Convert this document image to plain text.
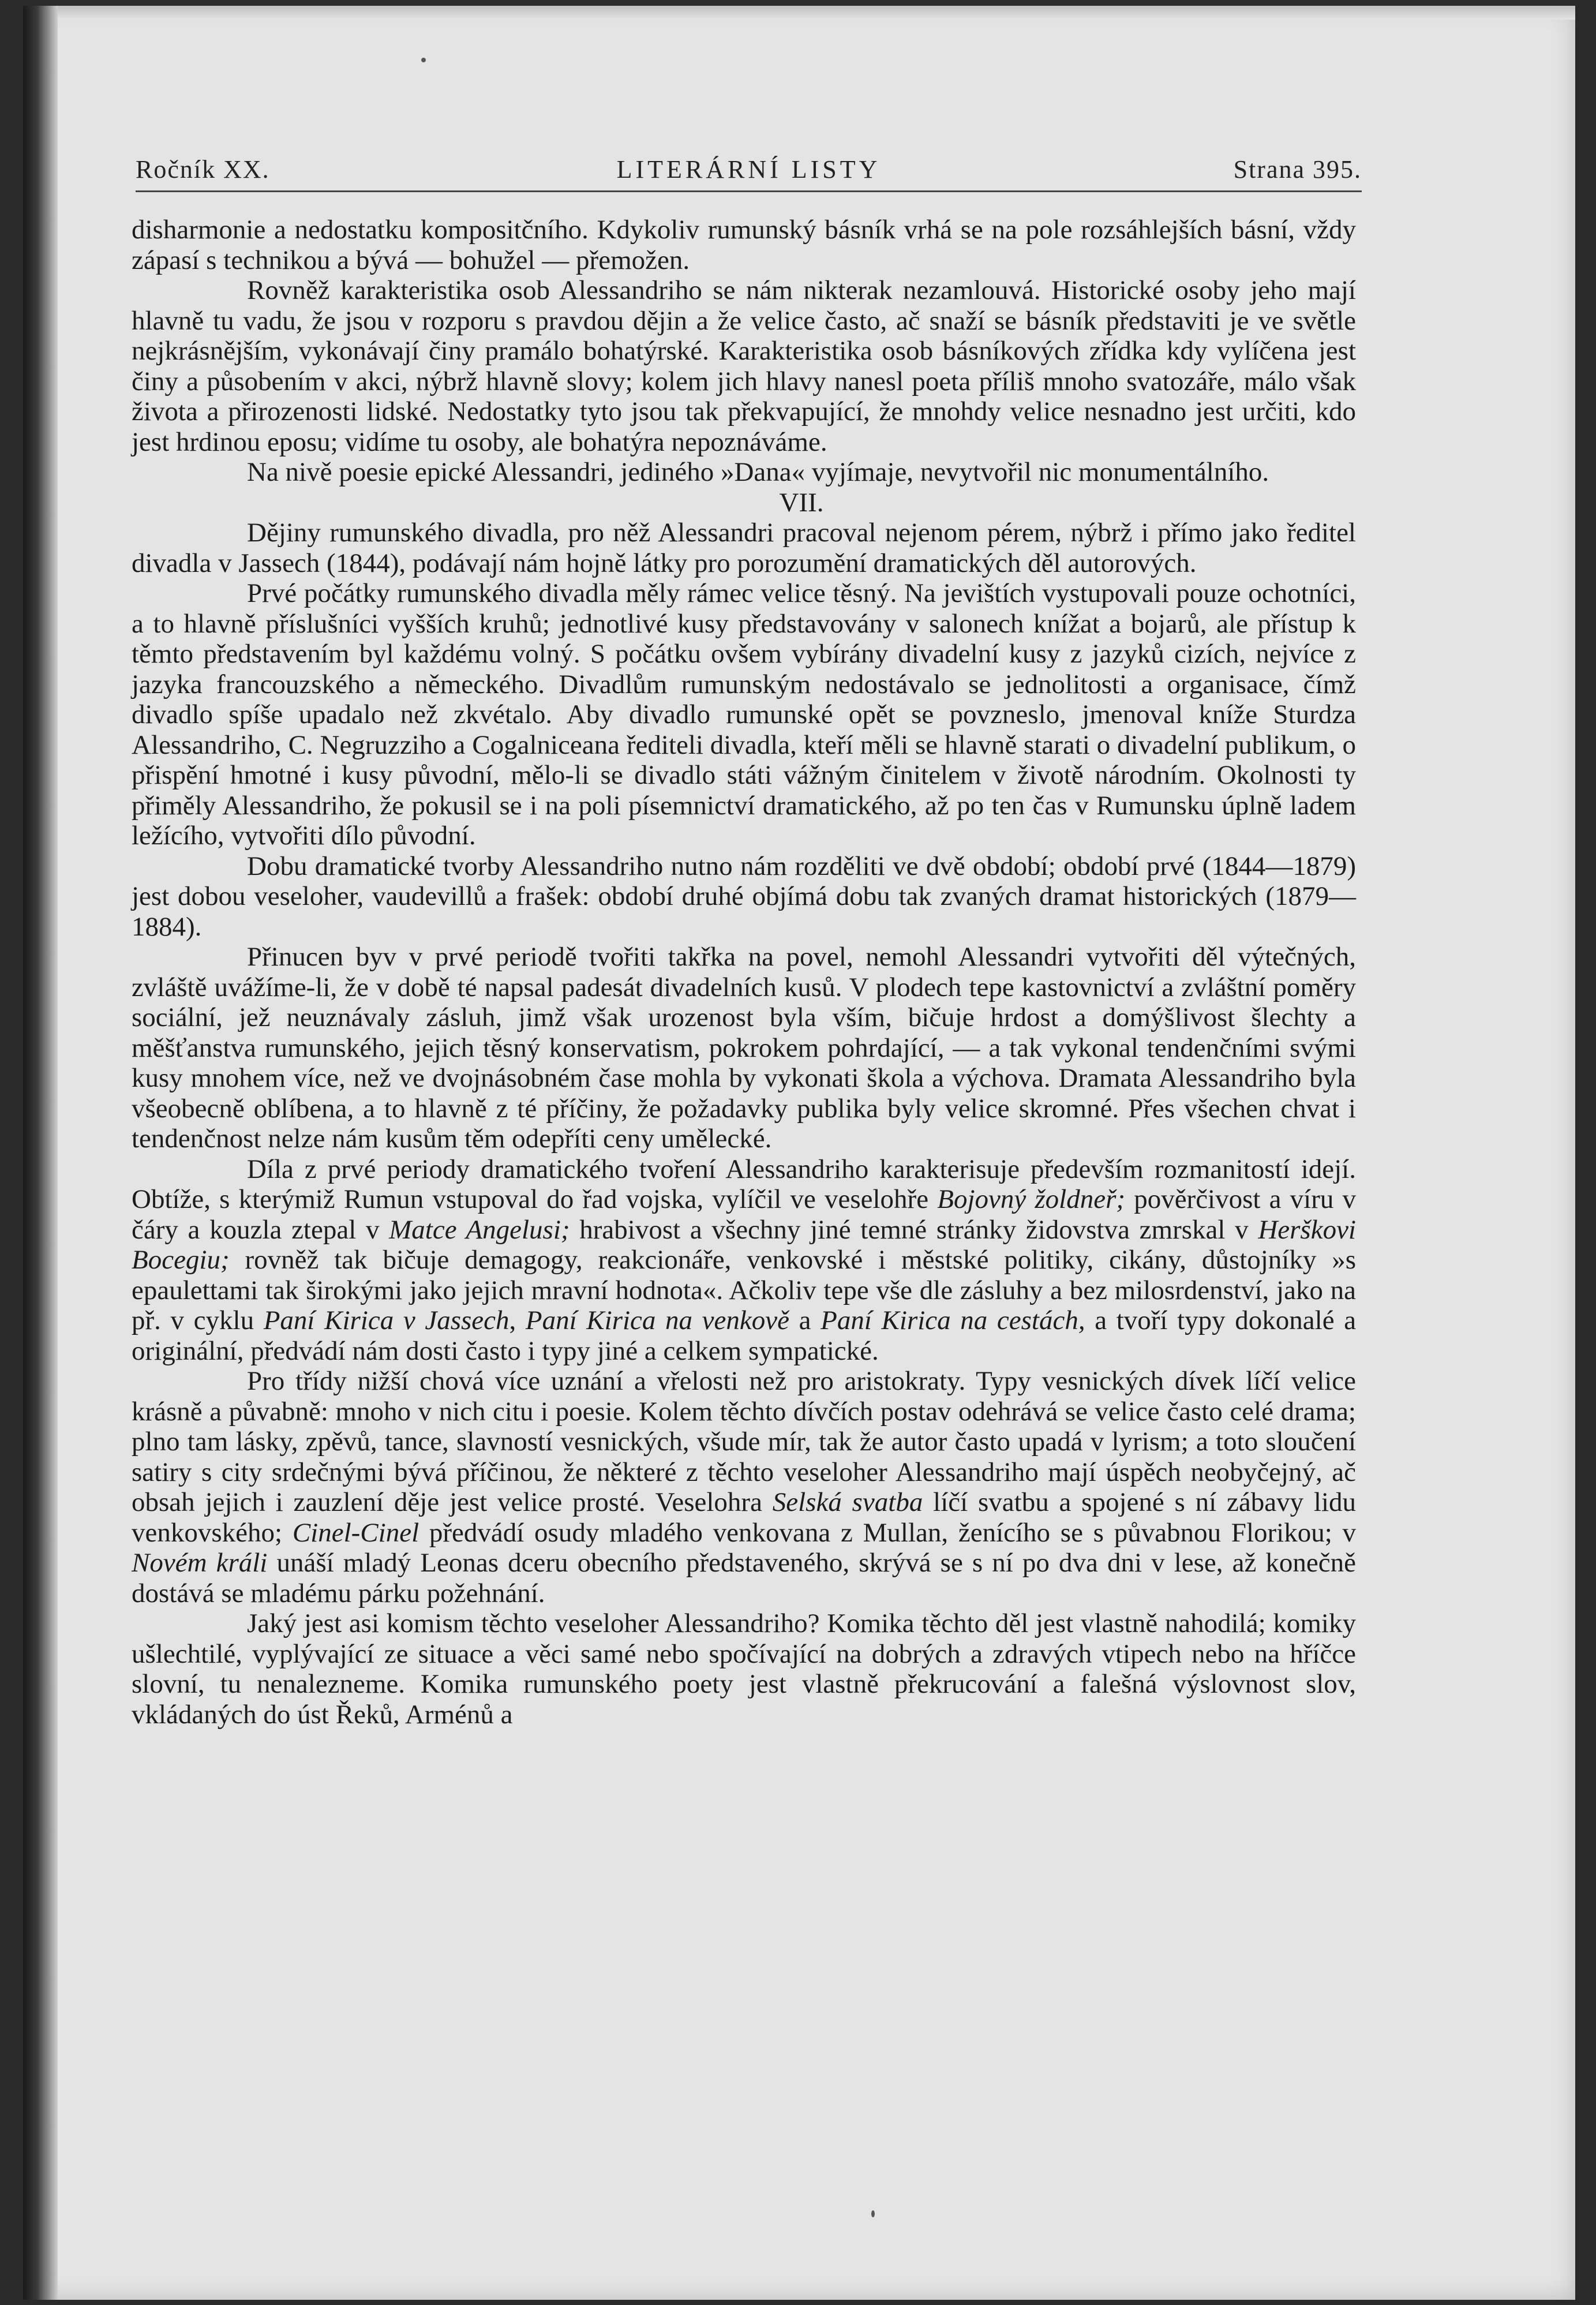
Ročník XX.	LITERÁRNÍ LISTY	Strana 395.

disharmonie a nedostatku kompositčního. Kdykoliv rumunský básník vrhá se na pole rozsáhlejších básní, vždy zápasí s technikou a bývá — bohužel — přemožen.

Rovněž karakteristika osob Alessandriho se nám nikterak nezamlouvá. Historické osoby jeho mají hlavně tu vadu, že jsou v rozporu s pravdou dějin a že velice často, ač snaží se básník představiti je ve světle nejkrásnějším, vykonávají činy pramálo bohatýrské. Karakteristika osob básníkových zřídka kdy vylíčena jest činy a působením v akci, nýbrž hlavně slovy; kolem jich hlavy nanesl poeta příliš mnoho svatozáře, málo však života a přirozenosti lidské. Nedostatky tyto jsou tak překvapující, že mnohdy velice nesnadno jest určiti, kdo jest hrdinou eposu; vidíme tu osoby, ale bohatýra nepoznáváme.

Na nivě poesie epické Alessandri, jediného »Dana« vyjímaje, nevytvořil nic monumentálního.

VII.

Dějiny rumunského divadla, pro něž Alessandri pracoval nejenom pérem, nýbrž i přímo jako ředitel divadla v Jassech (1844), podávají nám hojně látky pro porozumění dramatických děl autorových.

Prvé počátky rumunského divadla měly rámec velice těsný. Na jevištích vystupovali pouze ochotníci, a to hlavně příslušníci vyšších kruhů; jednotlivé kusy představovány v salonech knížat a bojarů, ale přístup k těmto představením byl každému volný. S počátku ovšem vybírány divadelní kusy z jazyků cizích, nejvíce z jazyka francouzského a německého. Divadlům rumunským nedostávalo se jednolitosti a organisace, čímž divadlo spíše upadalo než zkvétalo. Aby divadlo rumunské opět se povzneslo, jmenoval kníže Sturdza Alessandriho, C. Negruzziho a Cogalniceana řediteli divadla, kteří měli se hlavně starati o divadelní publikum, o přispění hmotné i kusy původní, mělo-li se divadlo státi vážným činitelem v životě národním. Okolnosti ty přiměly Alessandriho, že pokusil se i na poli písemnictví dramatického, až po ten čas v Rumunsku úplně ladem ležícího, vytvořiti dílo původní.

Dobu dramatické tvorby Alessandriho nutno nám rozděliti ve dvě období; období prvé (1844—1879) jest dobou veseloher, vaudevillů a frašek: období druhé objímá dobu tak zvaných dramat historických (1879—1884).

Přinucen byv v prvé periodě tvořiti takřka na povel, nemohl Alessandri vytvořiti děl výtečných, zvláště uvážíme-li, že v době té napsal padesát divadelních kusů. V plodech tepe kastovnictví a zvláštní poměry sociální, jež neuznávaly zásluh, jimž však urozenost byla vším, bičuje hrdost a domýšlivost šlechty a měšťanstva rumunského, jejich těsný konservatism, pokrokem pohrdající, — a tak vykonal tendenčními svými kusy mnohem více, než ve dvojnásobném čase mohla by vykonati škola a výchova. Dramata Alessandriho byla všeobecně oblíbena, a to hlavně z té příčiny, že požadavky publika byly velice skromné. Přes všechen chvat i tendenčnost nelze nám kusům těm odepříti ceny umělecké.

Díla z prvé periody dramatického tvoření Alessandriho karakterisuje především rozmanitostí idejí. Obtíže, s kterýmiž Rumun vstupoval do řad vojska, vylíčil ve veselohře Bojovný žoldneř; pověrčivost a víru v čáry a kouzla ztepal v Matce Angelusi; hrabivost a všechny jiné temné stránky židovstva zmrskal v Herškovi Bocegiu; rovněž tak bičuje demagogy, reakcionáře, venkovské i městské politiky, cikány, důstojníky »s epaulettami tak širokými jako jejich mravní hodnota«. Ačkoliv tepe vše dle zásluhy a bez milosrdenství, jako na př. v cyklu Paní Kirica v Jassech, Paní Kirica na venkově a Paní Kirica na cestách, a tvoří typy dokonalé a originální, předvádí nám dosti často i typy jiné a celkem sympatické.

Pro třídy nižší chová více uznání a vřelosti než pro aristokraty. Typy vesnických dívek líčí velice krásně a půvabně: mnoho v nich citu i poesie. Kolem těchto dívčích postav odehrává se velice často celé drama; plno tam lásky, zpěvů, tance, slavností vesnických, všude mír, tak že autor často upadá v lyrism; a toto sloučení satiry s city srdečnými bývá příčinou, že některé z těchto veseloher Alessandriho mají úspěch neobyčejný, ač obsah jejich i zauzlení děje jest velice prosté. Veselohra Selská svatba líčí svatbu a spojené s ní zábavy lidu venkovského; Cinel-Cinel předvádí osudy mladého venkovana z Mullan, ženícího se s půvabnou Florikou; v Novém králi unáší mladý Leonas dceru obecního představeného, skrývá se s ní po dva dni v lese, až konečně dostává se mladému párku požehnání.

Jaký jest asi komism těchto veseloher Alessandriho? Komika těchto děl jest vlastně nahodilá; komiky ušlechtilé, vyplývající ze situace a věci samé nebo spočívající na dobrých a zdravých vtipech nebo na hříčce slovní, tu nenalezneme. Komika rumunského poety jest vlastně překrucování a falešná výslovnost slov, vkládaných do úst Řeků, Arménů a
